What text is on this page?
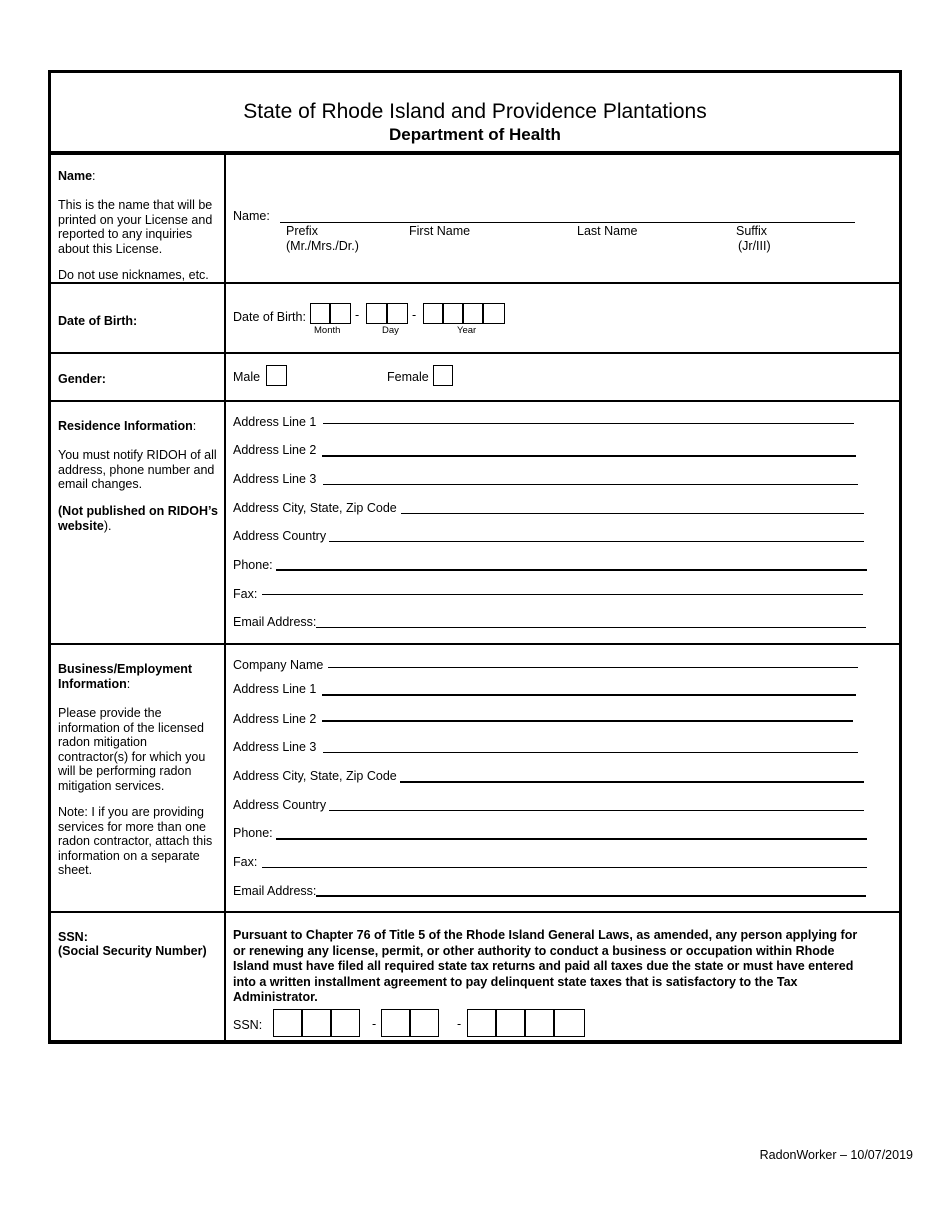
State of Rhode Island and Providence Plantations
Department of Health
Name:
This is the name that will be printed on your License and reported to any inquiries about this License.
Do not use nicknames, etc.
Name:
Prefix
(Mr./Mrs./Dr.)
First Name	Last Name	Suffix
(Jr/III)
Date of Birth:	Date of Birth:	-	-
Month	Day	Year
Gender:	Male	Female
Residence Information:
You must notify RIDOH of all address, phone number and email changes.
(Not published on RIDOH’s website).
Address Line 1
Address Line 2
Address Line 3
Address City, State, Zip Code
Address Country
Phone:
Fax:
Email Address:
Business/Employment Information:
Please provide the information of the licensed radon mitigation contractor(s) for which you will be performing radon mitigation services.
Note: I if you are providing services for more than one radon contractor, attach this information on a separate sheet.
Company Name
Address Line 1
Address Line 2
Address Line 3
Address City, State, Zip Code
Address Country
Phone:
Fax:
Email Address:
SSN:
(Social Security Number)
Pursuant to Chapter 76 of Title 5 of the Rhode Island General Laws, as amended, any person applying for or renewing any license, permit, or other authority to conduct a business or occupation within Rhode Island must have filed all required state tax returns and paid all taxes due the state or must have entered into a written installment agreement to pay delinquent state taxes that is satisfactory to the Tax Administrator.
SSN:	-	-
RadonWorker – 10/07/2019
